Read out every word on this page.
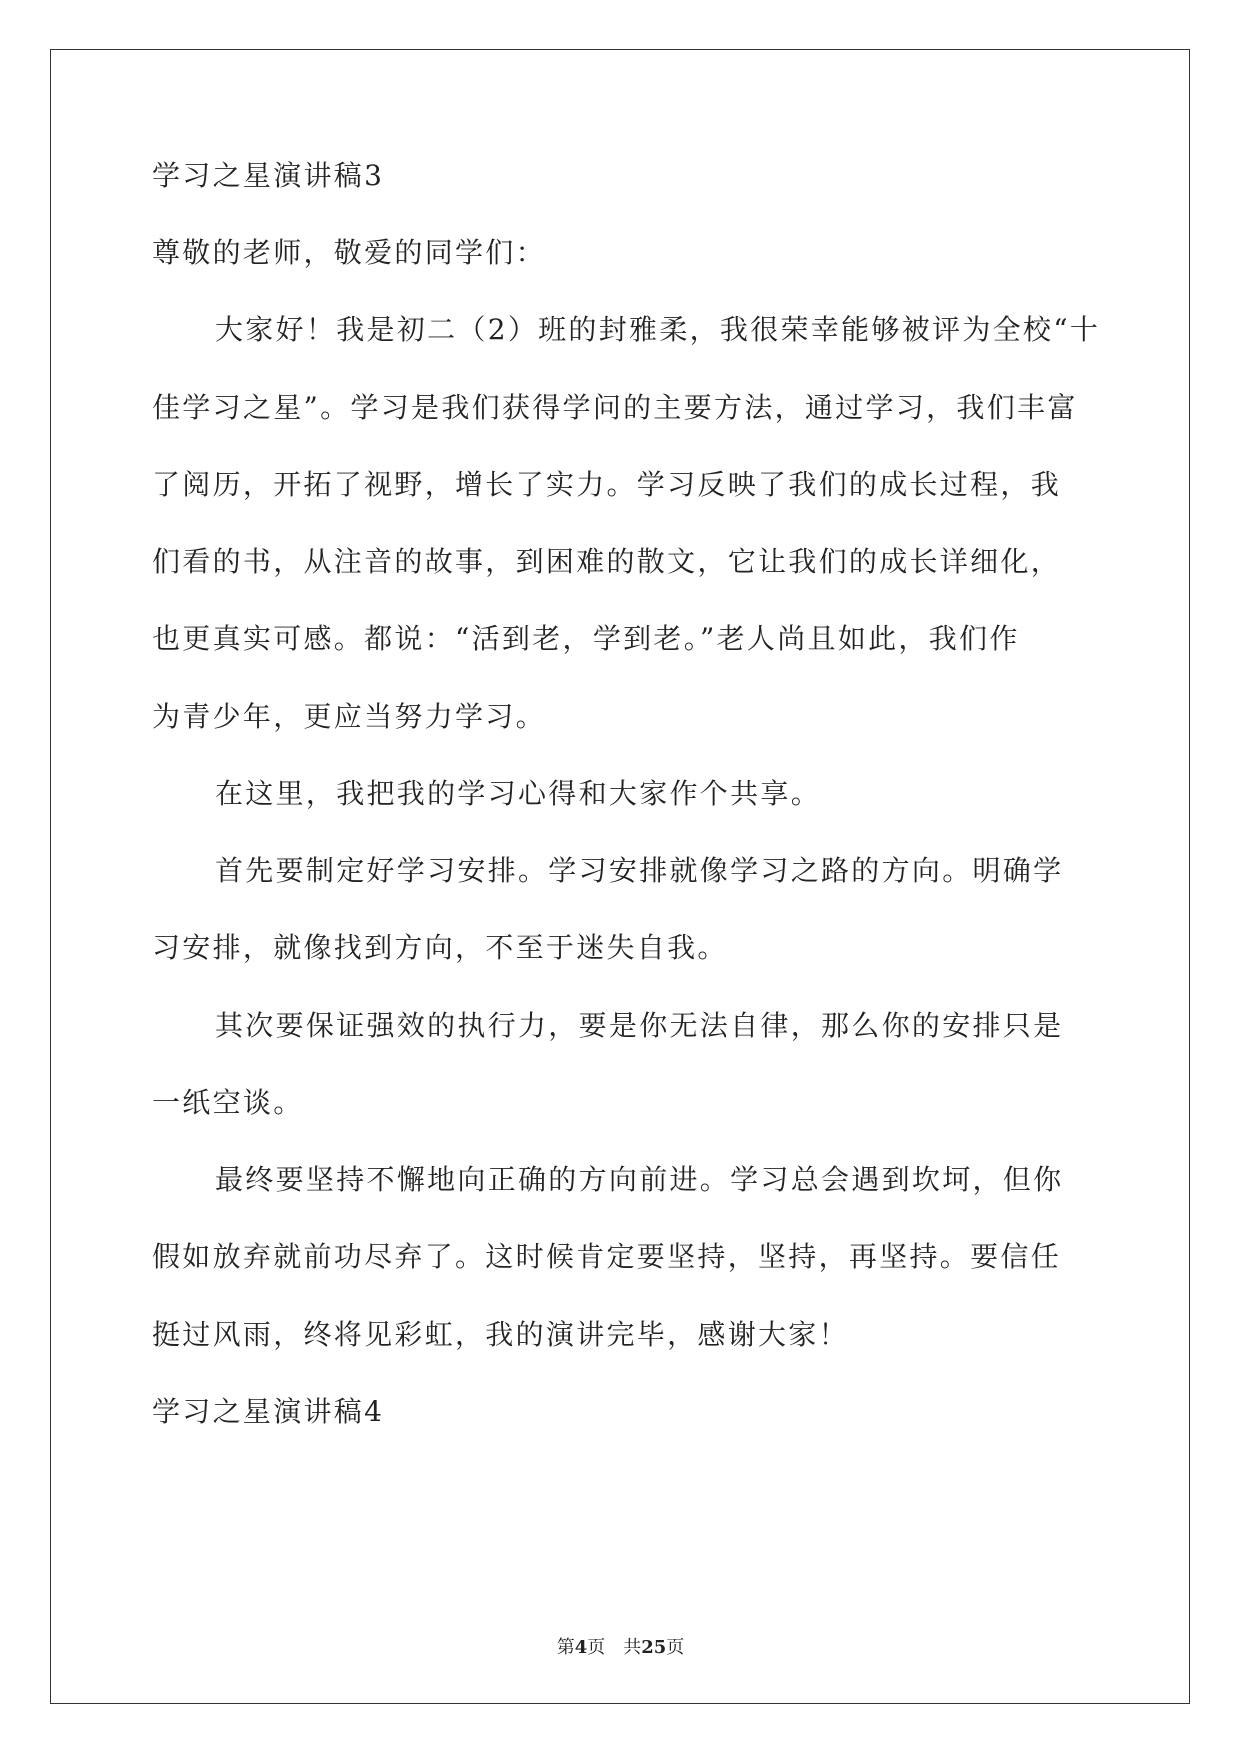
学习之星演讲稿3
尊敬的老师，敬爱的同学们：
大家好！我是初二（2）班的封雅柔，我很荣幸能够被评为全校“十
佳学习之星”。学习是我们获得学问的主要方法，通过学习，我们丰富
了阅历，开拓了视野，增长了实力。学习反映了我们的成长过程，我
们看的书，从注音的故事，到困难的散文，它让我们的成长详细化，
也更真实可感。都说：“活到老，学到老。”老人尚且如此，我们作
为青少年，更应当努力学习。
在这里，我把我的学习心得和大家作个共享。
首先要制定好学习安排。学习安排就像学习之路的方向。明确学
习安排，就像找到方向，不至于迷失自我。
其次要保证强效的执行力，要是你无法自律，那么你的安排只是
一纸空谈。
最终要坚持不懈地向正确的方向前进。学习总会遇到坎坷，但你
假如放弃就前功尽弃了。这时候肯定要坚持，坚持，再坚持。要信任
挺过风雨，终将见彩虹，我的演讲完毕，感谢大家！
学习之星演讲稿4
第4页 共25页
